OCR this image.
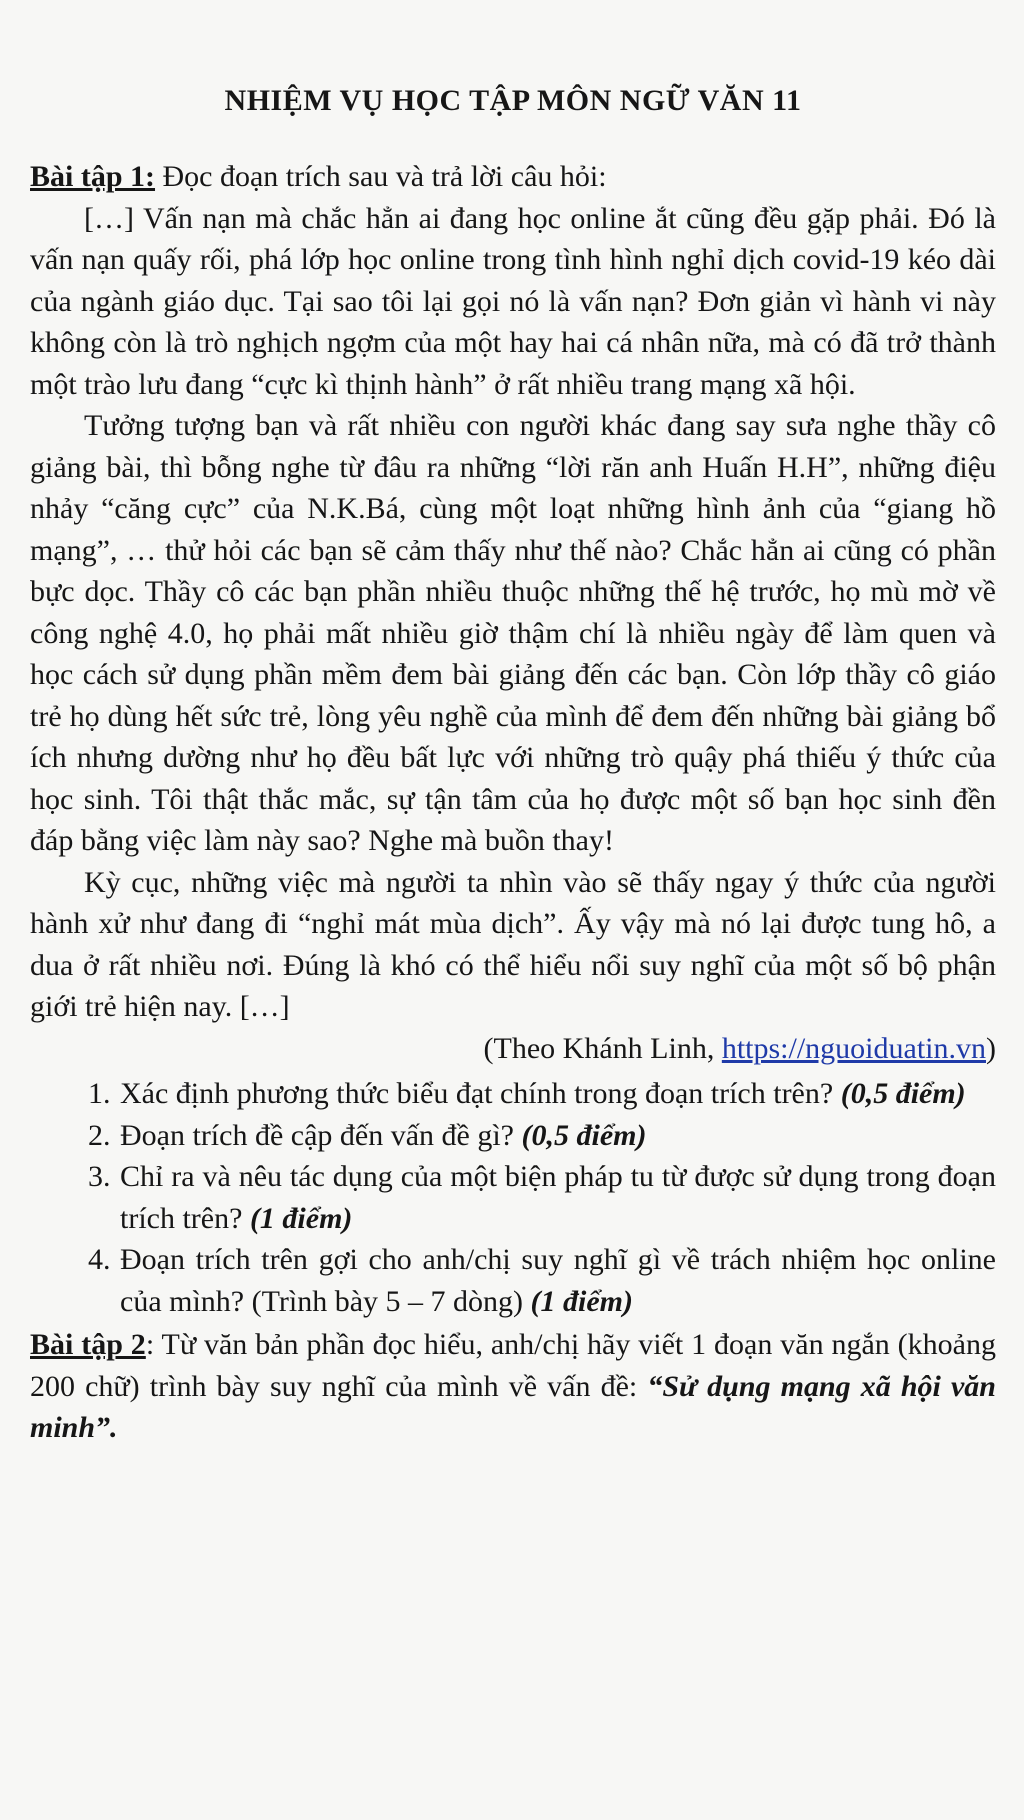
NHIỆM VỤ HỌC TẬP MÔN NGỮ VĂN 11

Bài tập 1: Đọc đoạn trích sau và trả lời câu hỏi:

[…] Vấn nạn mà chắc hẳn ai đang học online ắt cũng đều gặp phải. Đó là vấn nạn quấy rối, phá lớp học online trong tình hình nghỉ dịch covid-19 kéo dài của ngành giáo dục. Tại sao tôi lại gọi nó là vấn nạn? Đơn giản vì hành vi này không còn là trò nghịch ngợm của một hay hai cá nhân nữa, mà có đã trở thành một trào lưu đang “cực kì thịnh hành” ở rất nhiều trang mạng xã hội.

Tưởng tượng bạn và rất nhiều con người khác đang say sưa nghe thầy cô giảng bài, thì bỗng nghe từ đâu ra những “lời răn anh Huấn H.H”, những điệu nhảy “căng cực” của N.K.Bá, cùng một loạt những hình ảnh của “giang hồ mạng”, … thử hỏi các bạn sẽ cảm thấy như thế nào? Chắc hẳn ai cũng có phần bực dọc. Thầy cô các bạn phần nhiều thuộc những thế hệ trước, họ mù mờ về công nghệ 4.0, họ phải mất nhiều giờ thậm chí là nhiều ngày để làm quen và học cách sử dụng phần mềm đem bài giảng đến các bạn. Còn lớp thầy cô giáo trẻ họ dùng hết sức trẻ, lòng yêu nghề của mình để đem đến những bài giảng bổ ích nhưng dường như họ đều bất lực với những trò quậy phá thiếu ý thức của học sinh. Tôi thật thắc mắc, sự tận tâm của họ được một số bạn học sinh đền đáp bằng việc làm này sao? Nghe mà buồn thay!

Kỳ cục, những việc mà người ta nhìn vào sẽ thấy ngay ý thức của người hành xử như đang đi “nghỉ mát mùa dịch”. Ấy vậy mà nó lại được tung hô, a dua ở rất nhiều nơi. Đúng là khó có thể hiểu nổi suy nghĩ của một số bộ phận giới trẻ hiện nay. […]

(Theo Khánh Linh, https://nguoiduatin.vn)

1. Xác định phương thức biểu đạt chính trong đoạn trích trên? (0,5 điểm)
2. Đoạn trích đề cập đến vấn đề gì? (0,5 điểm)
3. Chỉ ra và nêu tác dụng của một biện pháp tu từ được sử dụng trong đoạn trích trên? (1 điểm)
4. Đoạn trích trên gợi cho anh/chị suy nghĩ gì về trách nhiệm học online của mình? (Trình bày 5 – 7 dòng) (1 điểm)

Bài tập 2: Từ văn bản phần đọc hiểu, anh/chị hãy viết 1 đoạn văn ngắn (khoảng 200 chữ) trình bày suy nghĩ của mình về vấn đề: “Sử dụng mạng xã hội văn minh”.
